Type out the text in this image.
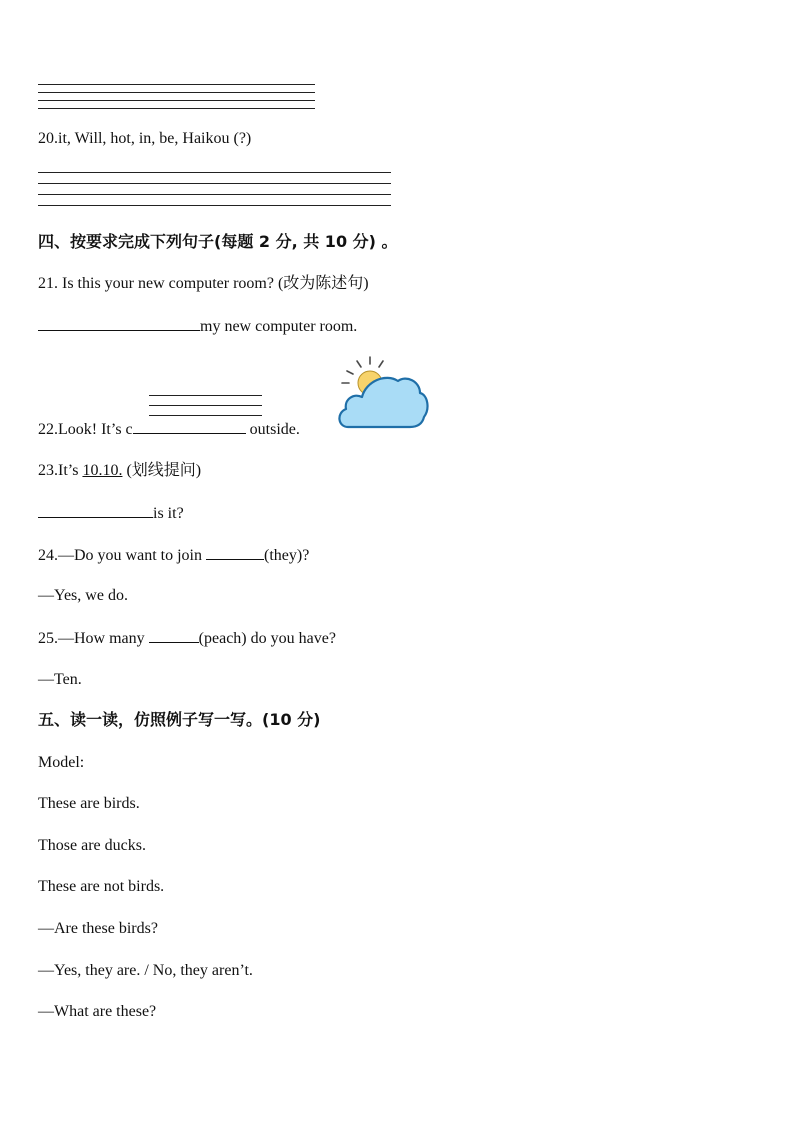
20.it, Will, hot, in, be, Haikou (?)
四、按要求完成下列句子(每题 2 分, 共 10 分) 。
21. Is this your new computer room? (改为陈述句)
my new computer room.
22.Look! It’s c	outside.
23.It’s 10.10. (划线提问)
is it?
24.—Do you want to join	(they)?
—Yes, we do.
25.—How many	(peach) do you have?
—Ten.
五、读一读，仿照例子写一写。(10 分)
Model:
These are birds.
Those are ducks.
These are not birds.
—Are these birds?
—Yes, they are. / No, they aren’t.
—What are these?
